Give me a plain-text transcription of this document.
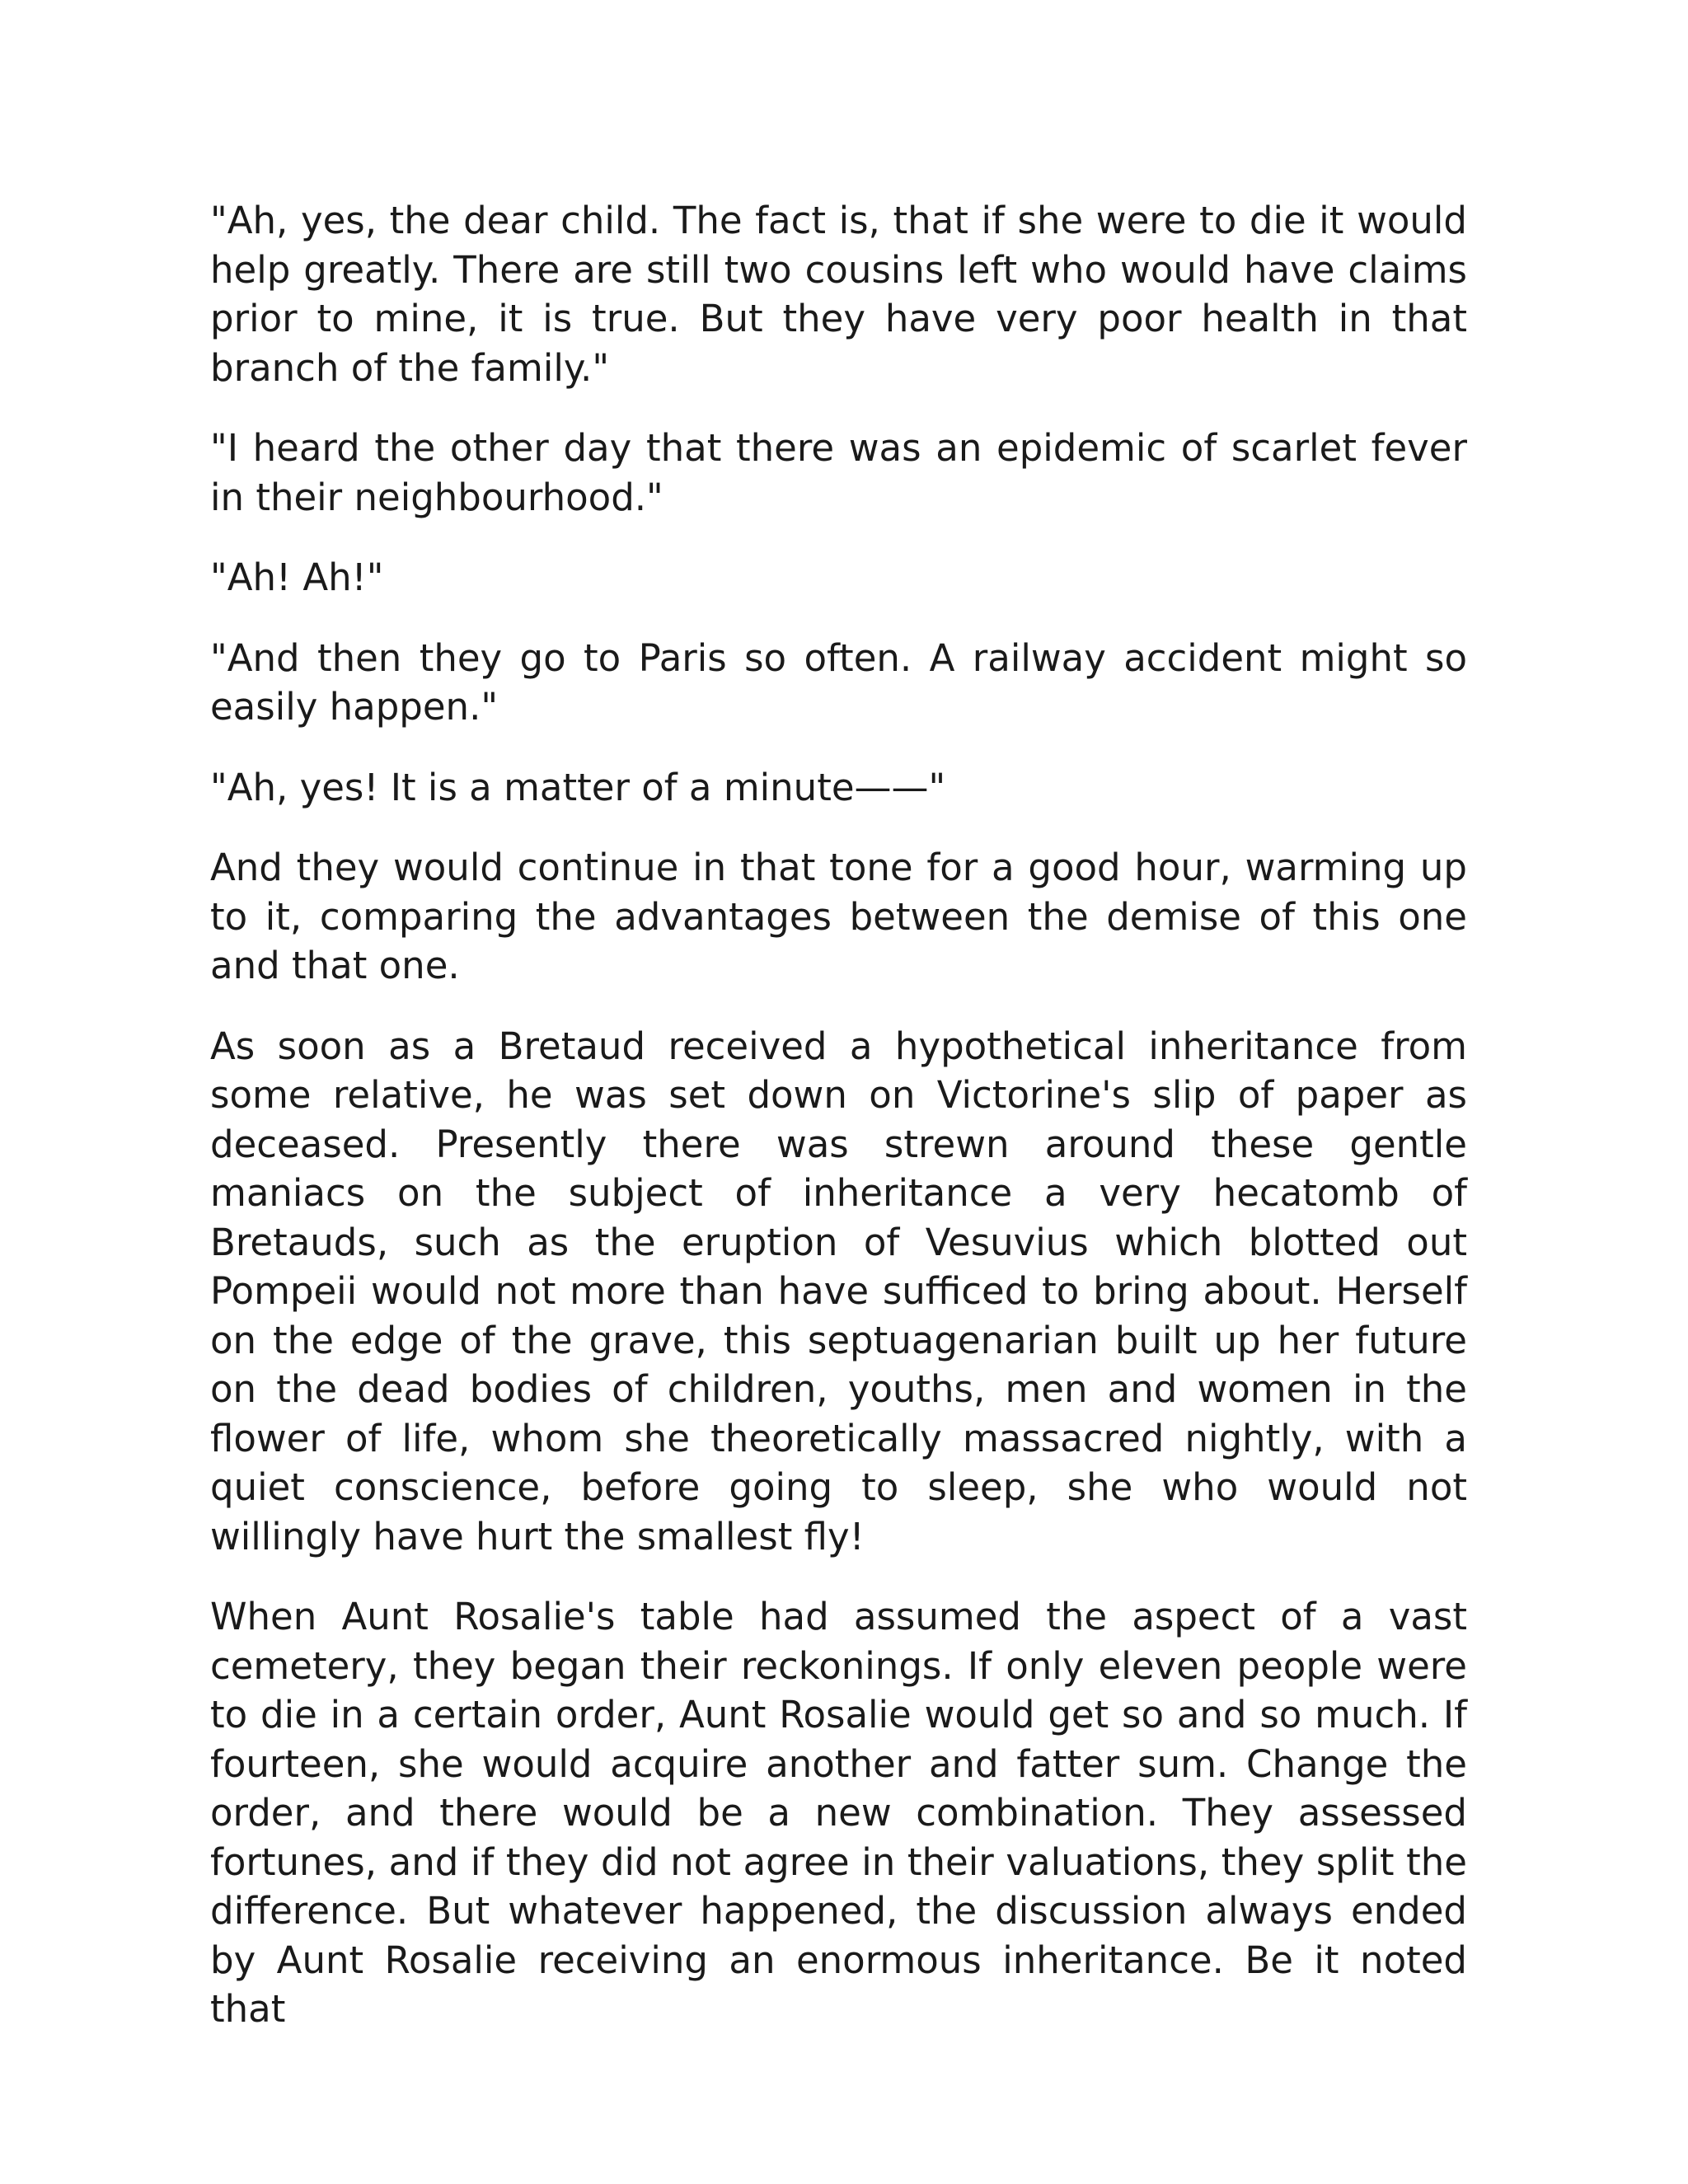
"Ah, yes, the dear child. The fact is, that if she were to die it would help greatly. There are still two cousins left who would have claims prior to mine, it is true. But they have very poor health in that branch of the family."

"I heard the other day that there was an epidemic of scarlet fever in their neighbourhood."

"Ah! Ah!"

"And then they go to Paris so often. A railway accident might so easily happen."

"Ah, yes! It is a matter of a minute——"

And they would continue in that tone for a good hour, warming up to it, comparing the advantages between the demise of this one and that one.

As soon as a Bretaud received a hypothetical inheritance from some relative, he was set down on Victorine's slip of paper as deceased. Presently there was strewn around these gentle maniacs on the subject of inheritance a very hecatomb of Bretauds, such as the eruption of Vesuvius which blotted out Pompeii would not more than have sufficed to bring about. Herself on the edge of the grave, this septuagenarian built up her future on the dead bodies of children, youths, men and women in the flower of life, whom she theoretically massacred nightly, with a quiet conscience, before going to sleep, she who would not willingly have hurt the smallest fly!

When Aunt Rosalie's table had assumed the aspect of a vast cemetery, they began their reckonings. If only eleven people were to die in a certain order, Aunt Rosalie would get so and so much. If fourteen, she would acquire another and fatter sum. Change the order, and there would be a new combination. They assessed fortunes, and if they did not agree in their valuations, they split the difference. But whatever happened, the discussion always ended by Aunt Rosalie receiving an enormous inheritance. Be it noted that
